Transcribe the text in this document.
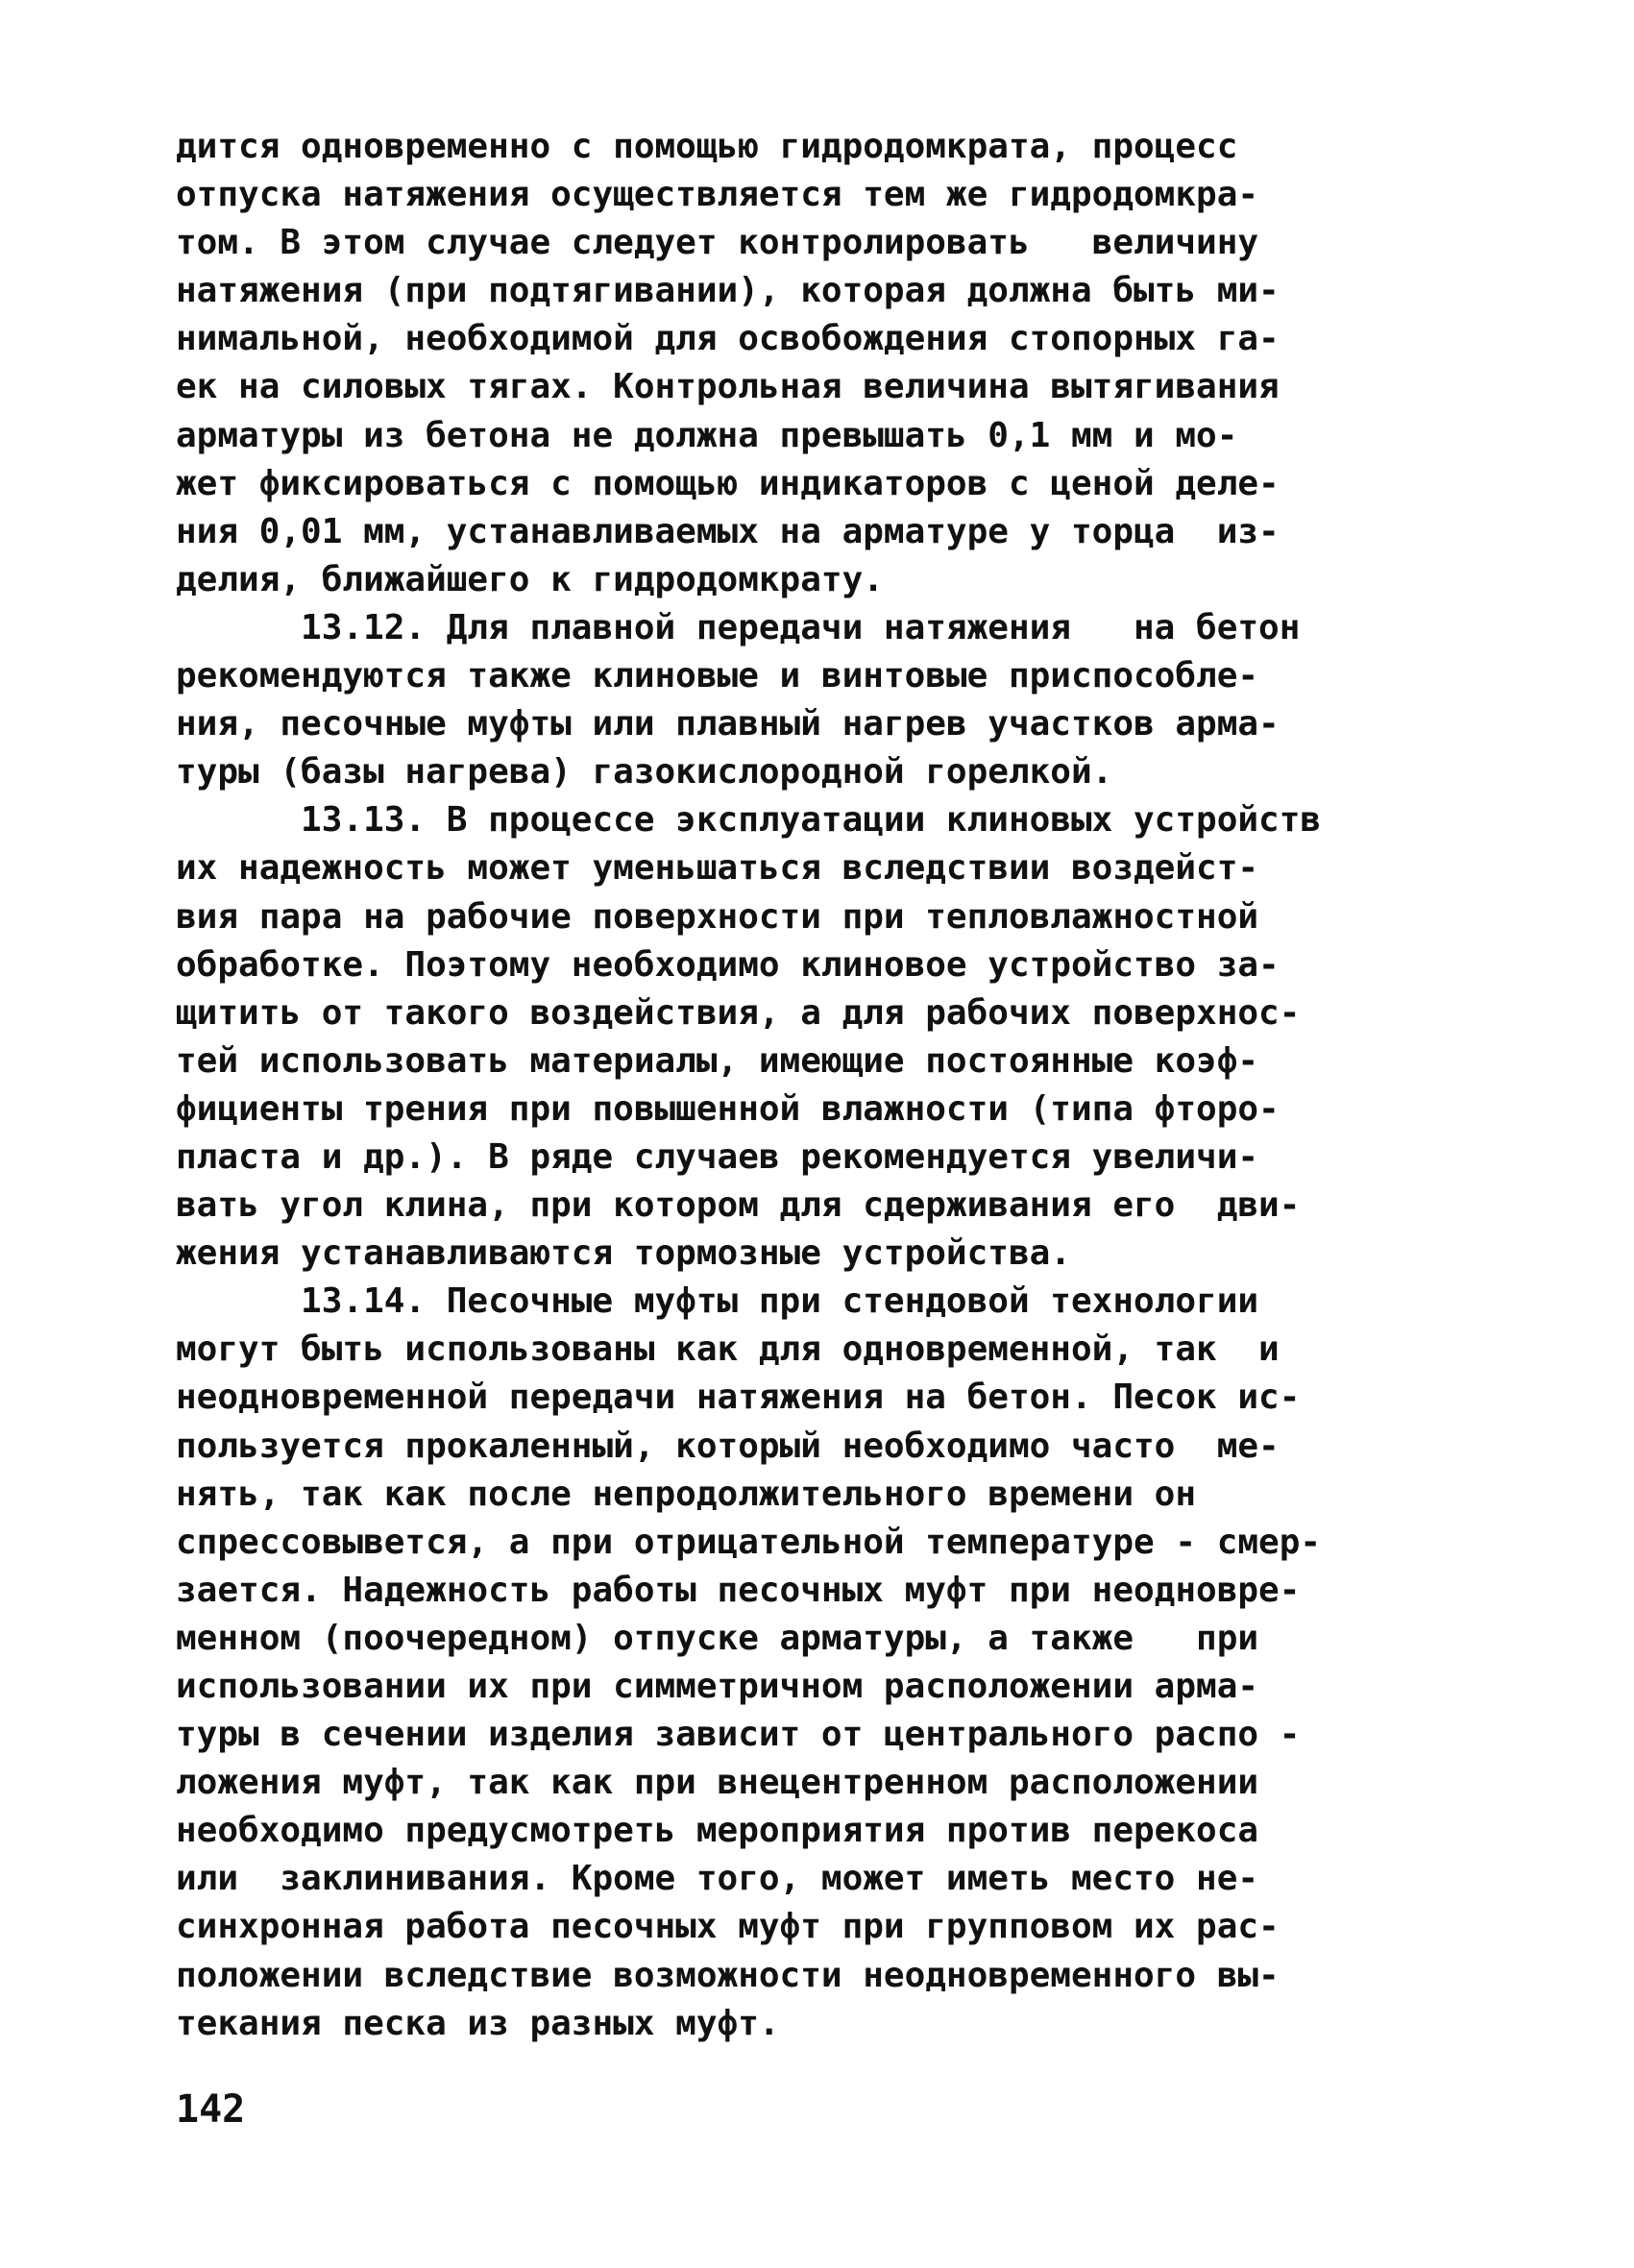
дится одновременно с помощью гидродомкрата, процесс
отпуска натяжения осуществляется тем же гидродомкра-
том. В этом случае следует контролировать   величину
натяжения (при подтягивании), которая должна быть ми-
нимальной, необходимой для освобождения стопорных га-
ек на силовых тягах. Контрольная величина вытягивания
арматуры из бетона не должна превышать 0,1 мм и мо-
жет фиксироваться с помощью индикаторов с ценой деле-
ния 0,01 мм, устанавливаемых на арматуре у торца  из-
делия, ближайшего к гидродомкрату.
13.12. Для плавной передачи натяжения   на бетон
рекомендуются также клиновые и винтовые приспособле-
ния, песочные муфты или плавный нагрев участков арма-
туры (базы нагрева) газокислородной горелкой.
13.13. В процессе эксплуатации клиновых устройств
их надежность может уменьшаться вследствии воздейст-
вия пара на рабочие поверхности при тепловлажностной
обработке. Поэтому необходимо клиновое устройство за-
щитить от такого воздействия, а для рабочих поверхнос-
тей использовать материалы, имеющие постоянные коэф-
фициенты трения при повышенной влажности (типа фторо-
пласта и др.). В ряде случаев рекомендуется увеличи-
вать угол клина, при котором для сдерживания его  дви-
жения устанавливаются тормозные устройства.
13.14. Песочные муфты при стендовой технологии
могут быть использованы как для одновременной, так  и
неодновременной передачи натяжения на бетон. Песок ис-
пользуется прокаленный, который необходимо часто  ме-
нять, так как после непродолжительного времени он
спрессовывется, а при отрицательной температуре - смер-
зается. Надежность работы песочных муфт при неодновре-
менном (поочередном) отпуске арматуры, а также   при
использовании их при симметричном расположении арма-
туры в сечении изделия зависит от центрального распо -
ложения муфт, так как при внецентренном расположении
необходимо предусмотреть мероприятия против перекоса
или  заклинивания. Кроме того, может иметь место не-
синхронная работа песочных муфт при групповом их рас-
положении вследствие возможности неодновременного вы-
текания песка из разных муфт.
142
